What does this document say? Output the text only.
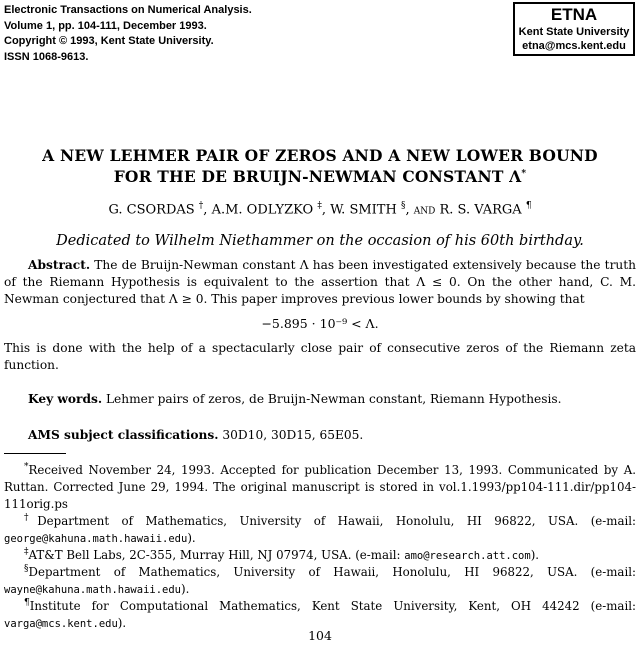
Electronic Transactions on Numerical Analysis.
Volume 1, pp. 104-111, December 1993.
Copyright © 1993, Kent State University.
ISSN 1068-9613.
ETNA
Kent State University
etna@mcs.kent.edu
A NEW LEHMER PAIR OF ZEROS AND A NEW LOWER BOUND
FOR THE DE BRUIJN-NEWMAN CONSTANT Λ*
G. CSORDAS †, A.M. ODLYZKO ‡, W. SMITH §, and R. S. VARGA ¶
Dedicated to Wilhelm Niethammer on the occasion of his 60th birthday.
Abstract. The de Bruijn-Newman constant Λ has been investigated extensively because the truth of the Riemann Hypothesis is equivalent to the assertion that Λ ≤ 0. On the other hand, C. M. Newman conjectured that Λ ≥ 0. This paper improves previous lower bounds by showing that
−5.895 · 10⁻⁹ < Λ.
This is done with the help of a spectacularly close pair of consecutive zeros of the Riemann zeta function.
Key words. Lehmer pairs of zeros, de Bruijn-Newman constant, Riemann Hypothesis.
AMS subject classifications. 30D10, 30D15, 65E05.
*Received November 24, 1993. Accepted for publication December 13, 1993. Communicated by A. Ruttan. Corrected June 29, 1994. The original manuscript is stored in vol.1.1993/pp104-111.dir/pp104-111orig.ps
†Department of Mathematics, University of Hawaii, Honolulu, HI 96822, USA. (e-mail: george@kahuna.math.hawaii.edu).
‡AT&T Bell Labs, 2C-355, Murray Hill, NJ 07974, USA. (e-mail: amo@research.att.com).
§Department of Mathematics, University of Hawaii, Honolulu, HI 96822, USA. (e-mail: wayne@kahuna.math.hawaii.edu).
¶Institute for Computational Mathematics, Kent State University, Kent, OH 44242 (e-mail: varga@mcs.kent.edu).
104
